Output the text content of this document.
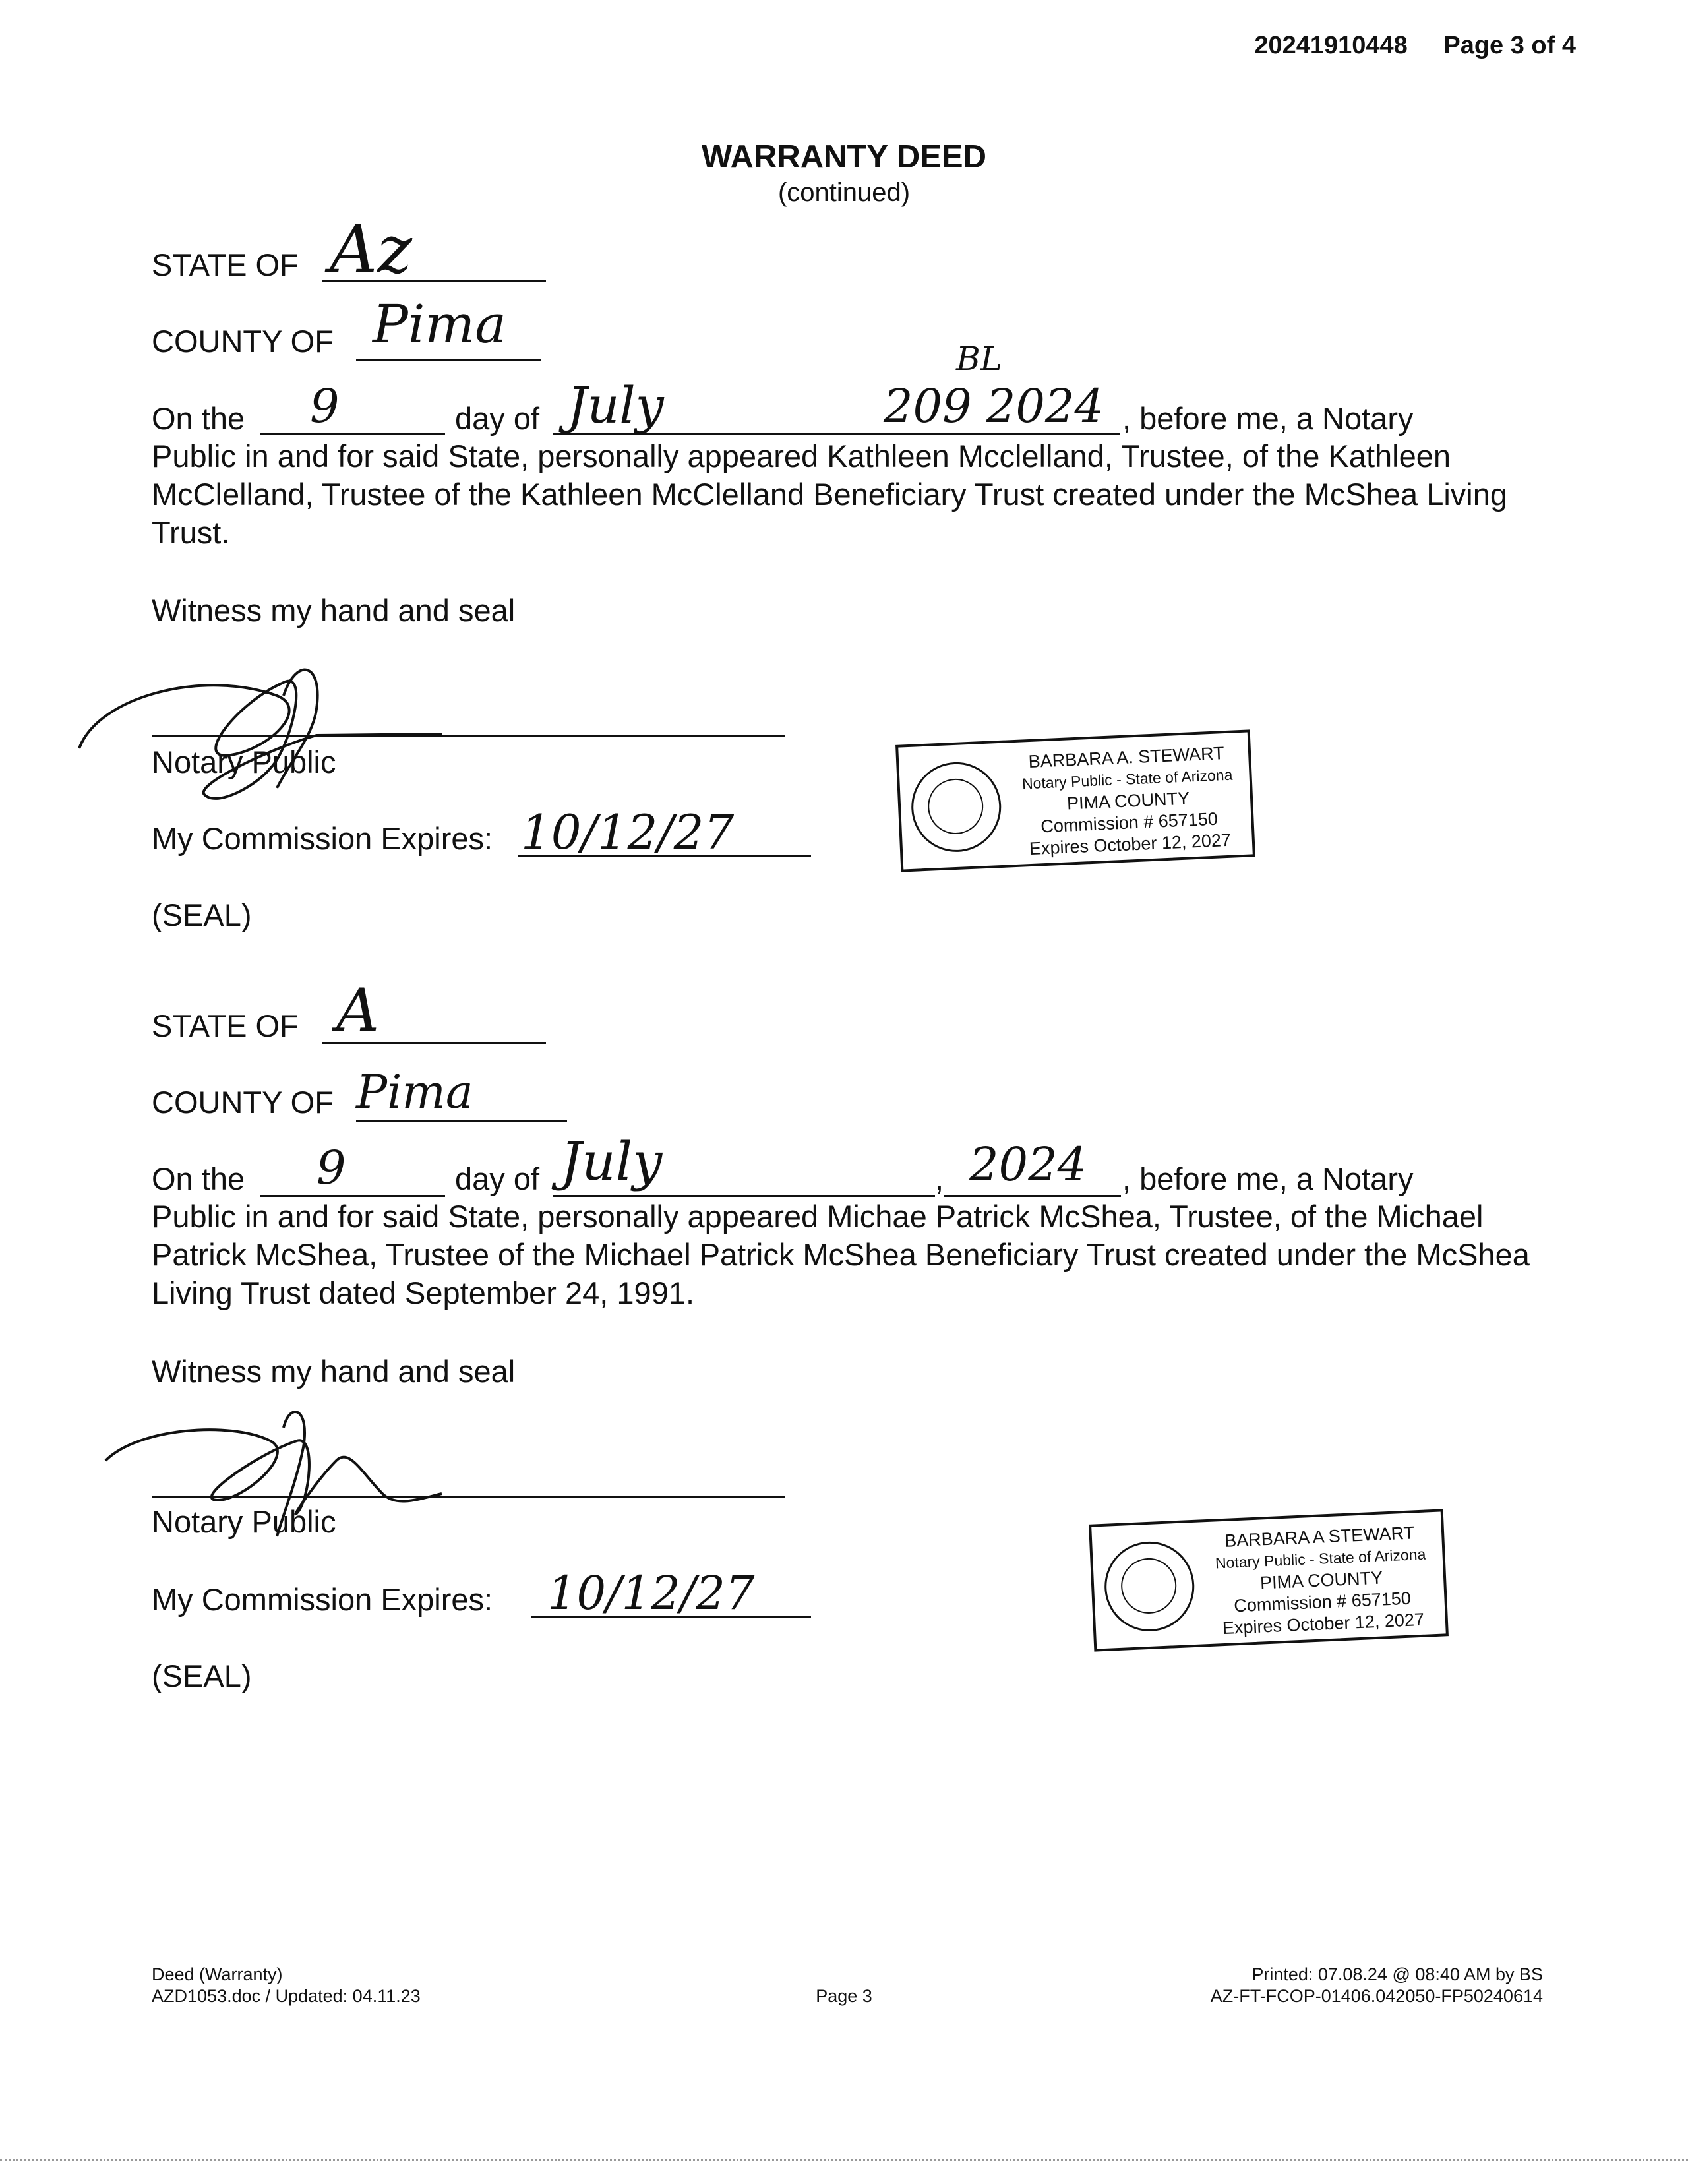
20241910448 Page 3 of 4
WARRANTY DEED
(continued)
STATE OF Az
COUNTY OF Pima
BL
On the 9	day of July	209 2024 , before me, a Notary
Public in and for said State, personally appeared Kathleen Mcclelland, Trustee, of the Kathleen McClelland, Trustee of the Kathleen McClelland Beneficiary Trust created under the McShea Living Trust.
Witness my hand and seal
Notary Public
My Commission Expires: 10/12/27
(SEAL)
BARBARA A. STEWART
Notary Public - State of Arizona
PIMA COUNTY
Commission # 657150
Expires October 12, 2027
STATE OF A
COUNTY OF Pima
On the 9	day of July	, 2024 , before me, a Notary
Public in and for said State, personally appeared Michae Patrick McShea, Trustee, of the Michael Patrick McShea, Trustee of the Michael Patrick McShea Beneficiary Trust created under the McShea Living Trust dated September 24, 1991.
Witness my hand and seal
Notary Public
My Commission Expires: 10/12/27
(SEAL)
BARBARA A STEWART
Notary Public - State of Arizona
PIMA COUNTY
Commission # 657150
Expires October 12, 2027
Deed (Warranty)
AZD1053.doc / Updated: 04.11.23	Page 3
Printed: 07.08.24 @ 08:40 AM by BS
AZ-FT-FCOP-01406.042050-FP50240614
